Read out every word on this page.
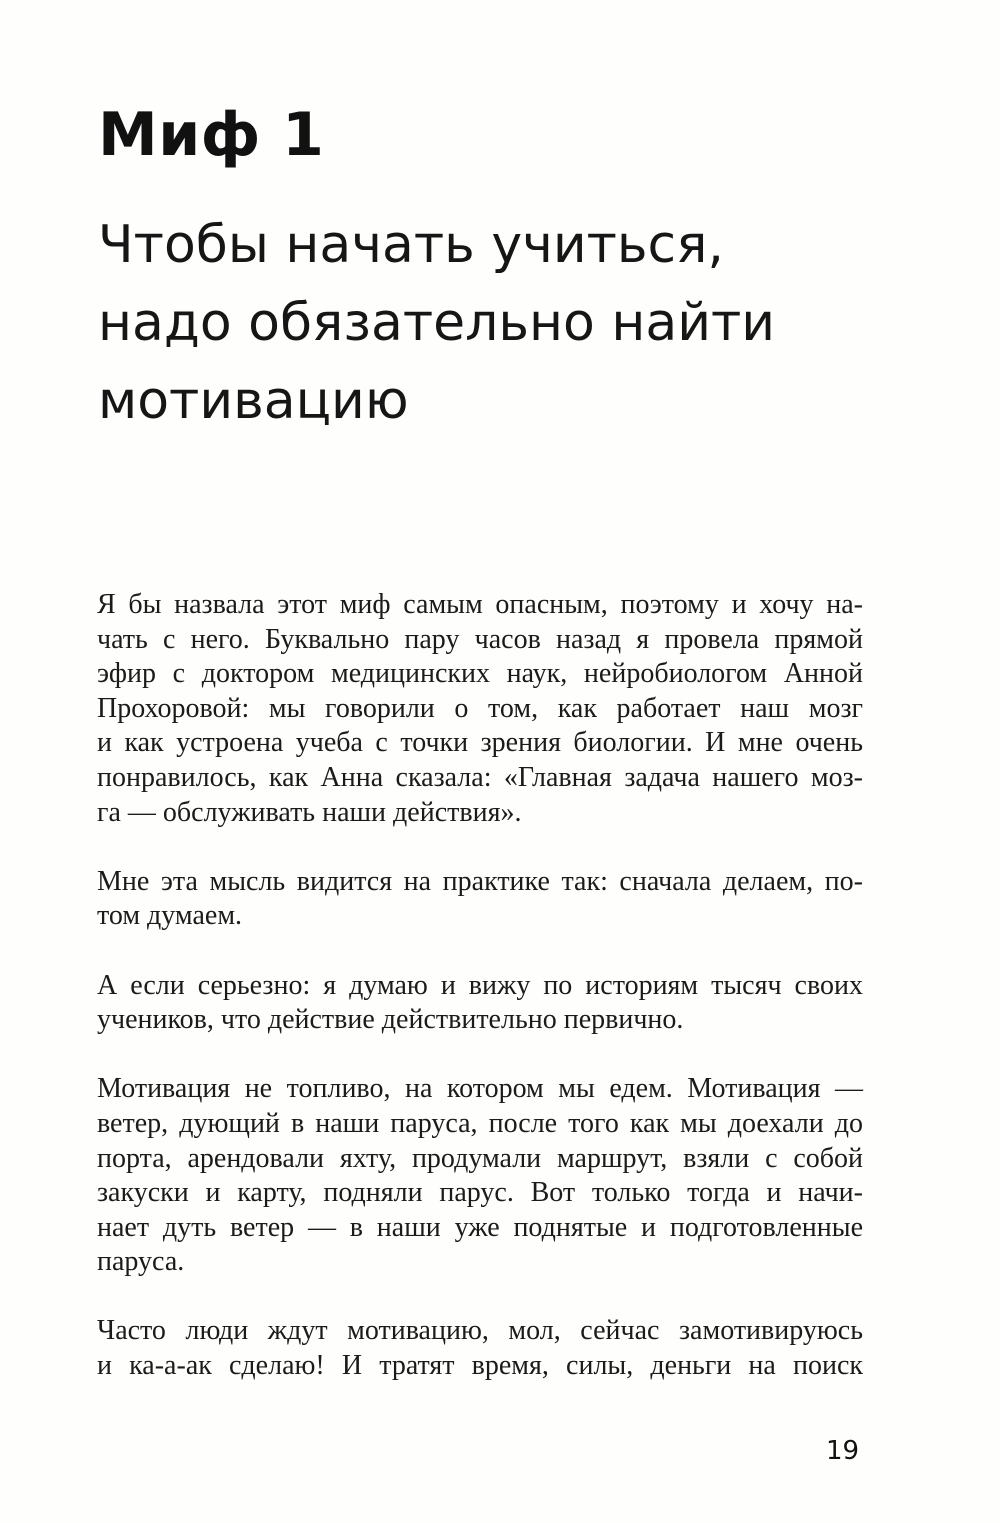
Миф 1
Чтобы начать учиться,
надо обязательно найти
мотивацию

Я бы назвала этот миф самым опасным, поэтому и хочу на-
чать с него. Буквально пару часов назад я провела прямой
эфир с доктором медицинских наук, нейробиологом Анной
Прохоровой: мы говорили о том, как работает наш мозг
и как устроена учеба с точки зрения биологии. И мне очень
понравилось, как Анна сказала: «Главная задача нашего моз-
га — обслуживать наши действия».

Мне эта мысль видится на практике так: сначала делаем, по-
том думаем.

А если серьезно: я думаю и вижу по историям тысяч своих
учеников, что действие действительно первично.

Мотивация не топливо, на котором мы едем. Мотивация —
ветер, дующий в наши паруса, после того как мы доехали до
порта, арендовали яхту, продумали маршрут, взяли с собой
закуски и карту, подняли парус. Вот только тогда и начи-
нает дуть ветер — в наши уже поднятые и подготовленные
паруса.

Часто люди ждут мотивацию, мол, сейчас замотивируюсь
и ка-а-ак сделаю! И тратят время, силы, деньги на поиск

19
